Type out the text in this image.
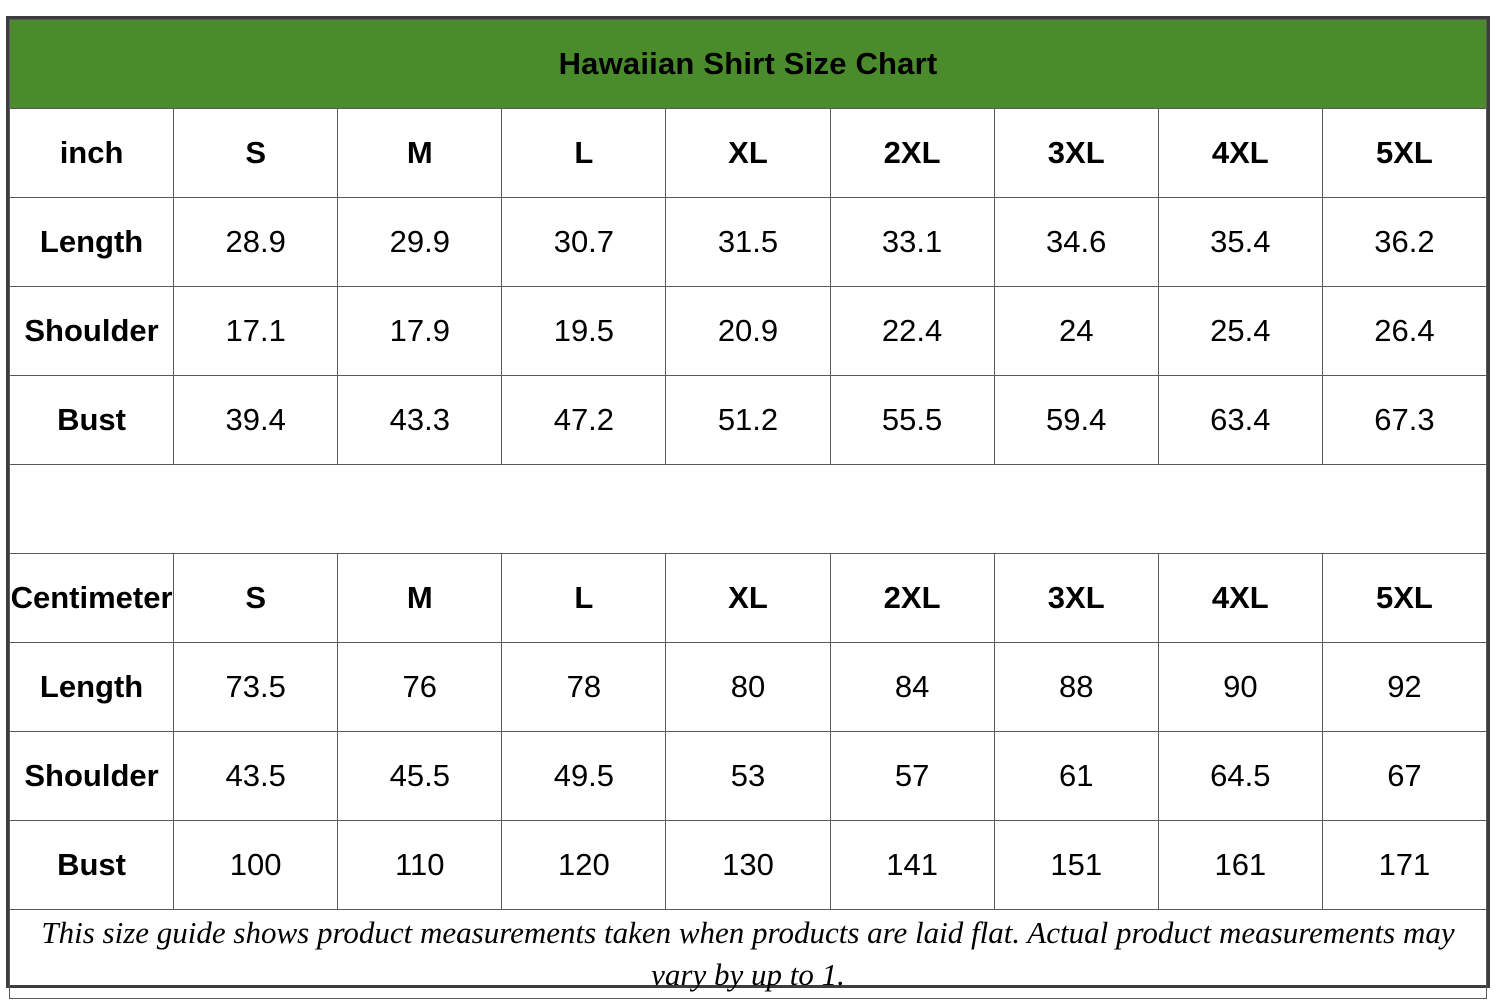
Hawaiian Shirt Size Chart								
inch	S	M	L	XL	2XL	3XL	4XL	5XL
Length	28.9	29.9	30.7	31.5	33.1	34.6	35.4	36.2
Shoulder	17.1	17.9	19.5	20.9	22.4	24	25.4	26.4
Bust	39.4	43.3	47.2	51.2	55.5	59.4	63.4	67.3

Centimeter	S	M	L	XL	2XL	3XL	4XL	5XL
Length	73.5	76	78	80	84	88	90	92
Shoulder	43.5	45.5	49.5	53	57	61	64.5	67
Bust	100	110	120	130	141	151	161	171
This size guide shows product measurements taken when products are laid flat. Actual product measurements may vary by up to 1.								
